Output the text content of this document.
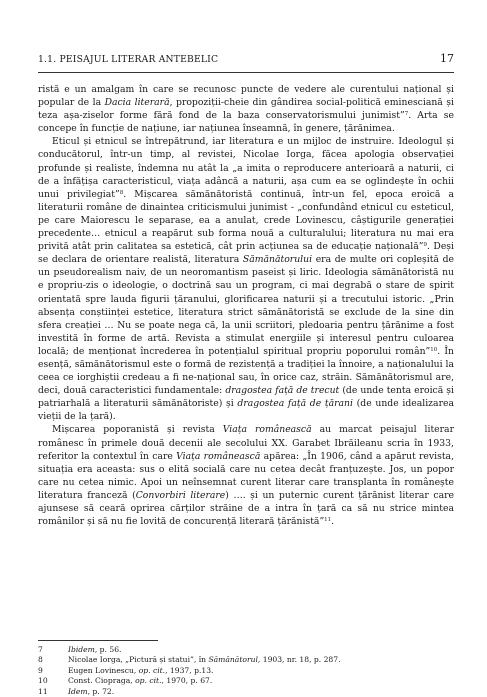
1.1. PEISAJUL LITERAR ANTEBELIC	17

ristă e un amalgam în care se recunosc puncte de vedere ale curentului național și popular de la Dacia literară, propoziții-cheie din gândirea social-politică eminesciană și teza așa-ziselor forme fără fond de la baza conservatorismului junimist”$^7$. Arta se concepe în funcție de națiune, iar națiunea înseamnă, în genere, țărănimea.

Eticul și etnicul se întrepătrund, iar literatura e un mijloc de instruire. Ideologul și conducătorul, într-un timp, al revistei, Nicolae Iorga, făcea apologia observației profunde și realiste, îndemna nu atât la „a imita o reproducere anterioară a naturii, ci de a înfățișa caracteristicul, viața adâncă a naturii, așa cum ea se oglindește în ochii unui privilegiat”$^8$. Mișcarea sămănătoristă continuă, într-un fel, epoca eroică a literaturii române de dinaintea criticismului junimist - „confundând etnicul cu esteticul, pe care Maiorescu le separase, ea a anulat, crede Lovinescu, câștigurile generației precedente… etnicul a reapărut sub forma nouă a culturalului; literatura nu mai era privită atât prin calitatea sa estetică, cât prin acțiunea sa de educație națională”$^9$. Deși se declara de orientare realistă, literatura Sămănătorului era de multe ori copleșită de un pseudorealism naiv, de un neoromantism paseist și liric. Ideologia sămănătoristă nu e propriu-zis o ideologie, o doctrină sau un program, ci mai degrabă o stare de spirit orientată spre lauda figurii țăranului, glorificarea naturii și a trecutului istoric. „Prin absența conștiinței estetice, literatura strict sămănătoristă se exclude de la sine din sfera creației … Nu se poate nega că, la unii scriitori, pledoaria pentru țărănime a fost investită în forme de artă. Revista a stimulat energiile și interesul pentru culoarea locală; de menționat încrederea în potențialul spiritual propriu poporului român”$^{10}$. În esență, sămănătorismul este o formă de rezistență a tradiției la înnoire, a naționalului la ceea ce iorghiștii credeau a fi ne-național sau, în orice caz, străin. Sămănătorismul are, deci, două caracteristici fundamentale: dragostea față de trecut (de unde tenta eroică și patriarhală a literaturii sămănătoriste) și dragostea față de țărani (de unde idealizarea vieții de la țară).

Mișcarea poporanistă și revista Viața românească au marcat peisajul literar românesc în primele două decenii ale secolului XX. Garabet Ibrăileanu scria în 1933, referitor la contextul în care Viața românească apărea: „În 1906, când a apărut revista, situația era aceasta: sus o elită socială care nu cetea decât franțuzește. Jos, un popor care nu cetea nimic. Apoi un neînsemnat curent literar care transplanta în românește literatura franceză (Convorbiri literare) …. și un puternic curent țărănist literar care ajunsese să ceară oprirea cărților străine de a intra în țară ca să nu strice mintea românilor și să nu fie lovită de concurență literară țărănistă”$^{11}$.

7	Ibidem, p. 56.
8	Nicolae Iorga, „Pictură și statui”, în Sămănătorul, 1903, nr. 18, p. 287.
9	Eugen Lovinescu, op. cit., 1937, p.13.
10	Const. Ciopraga, op. cit., 1970, p. 67.
11	Idem, p. 72.
